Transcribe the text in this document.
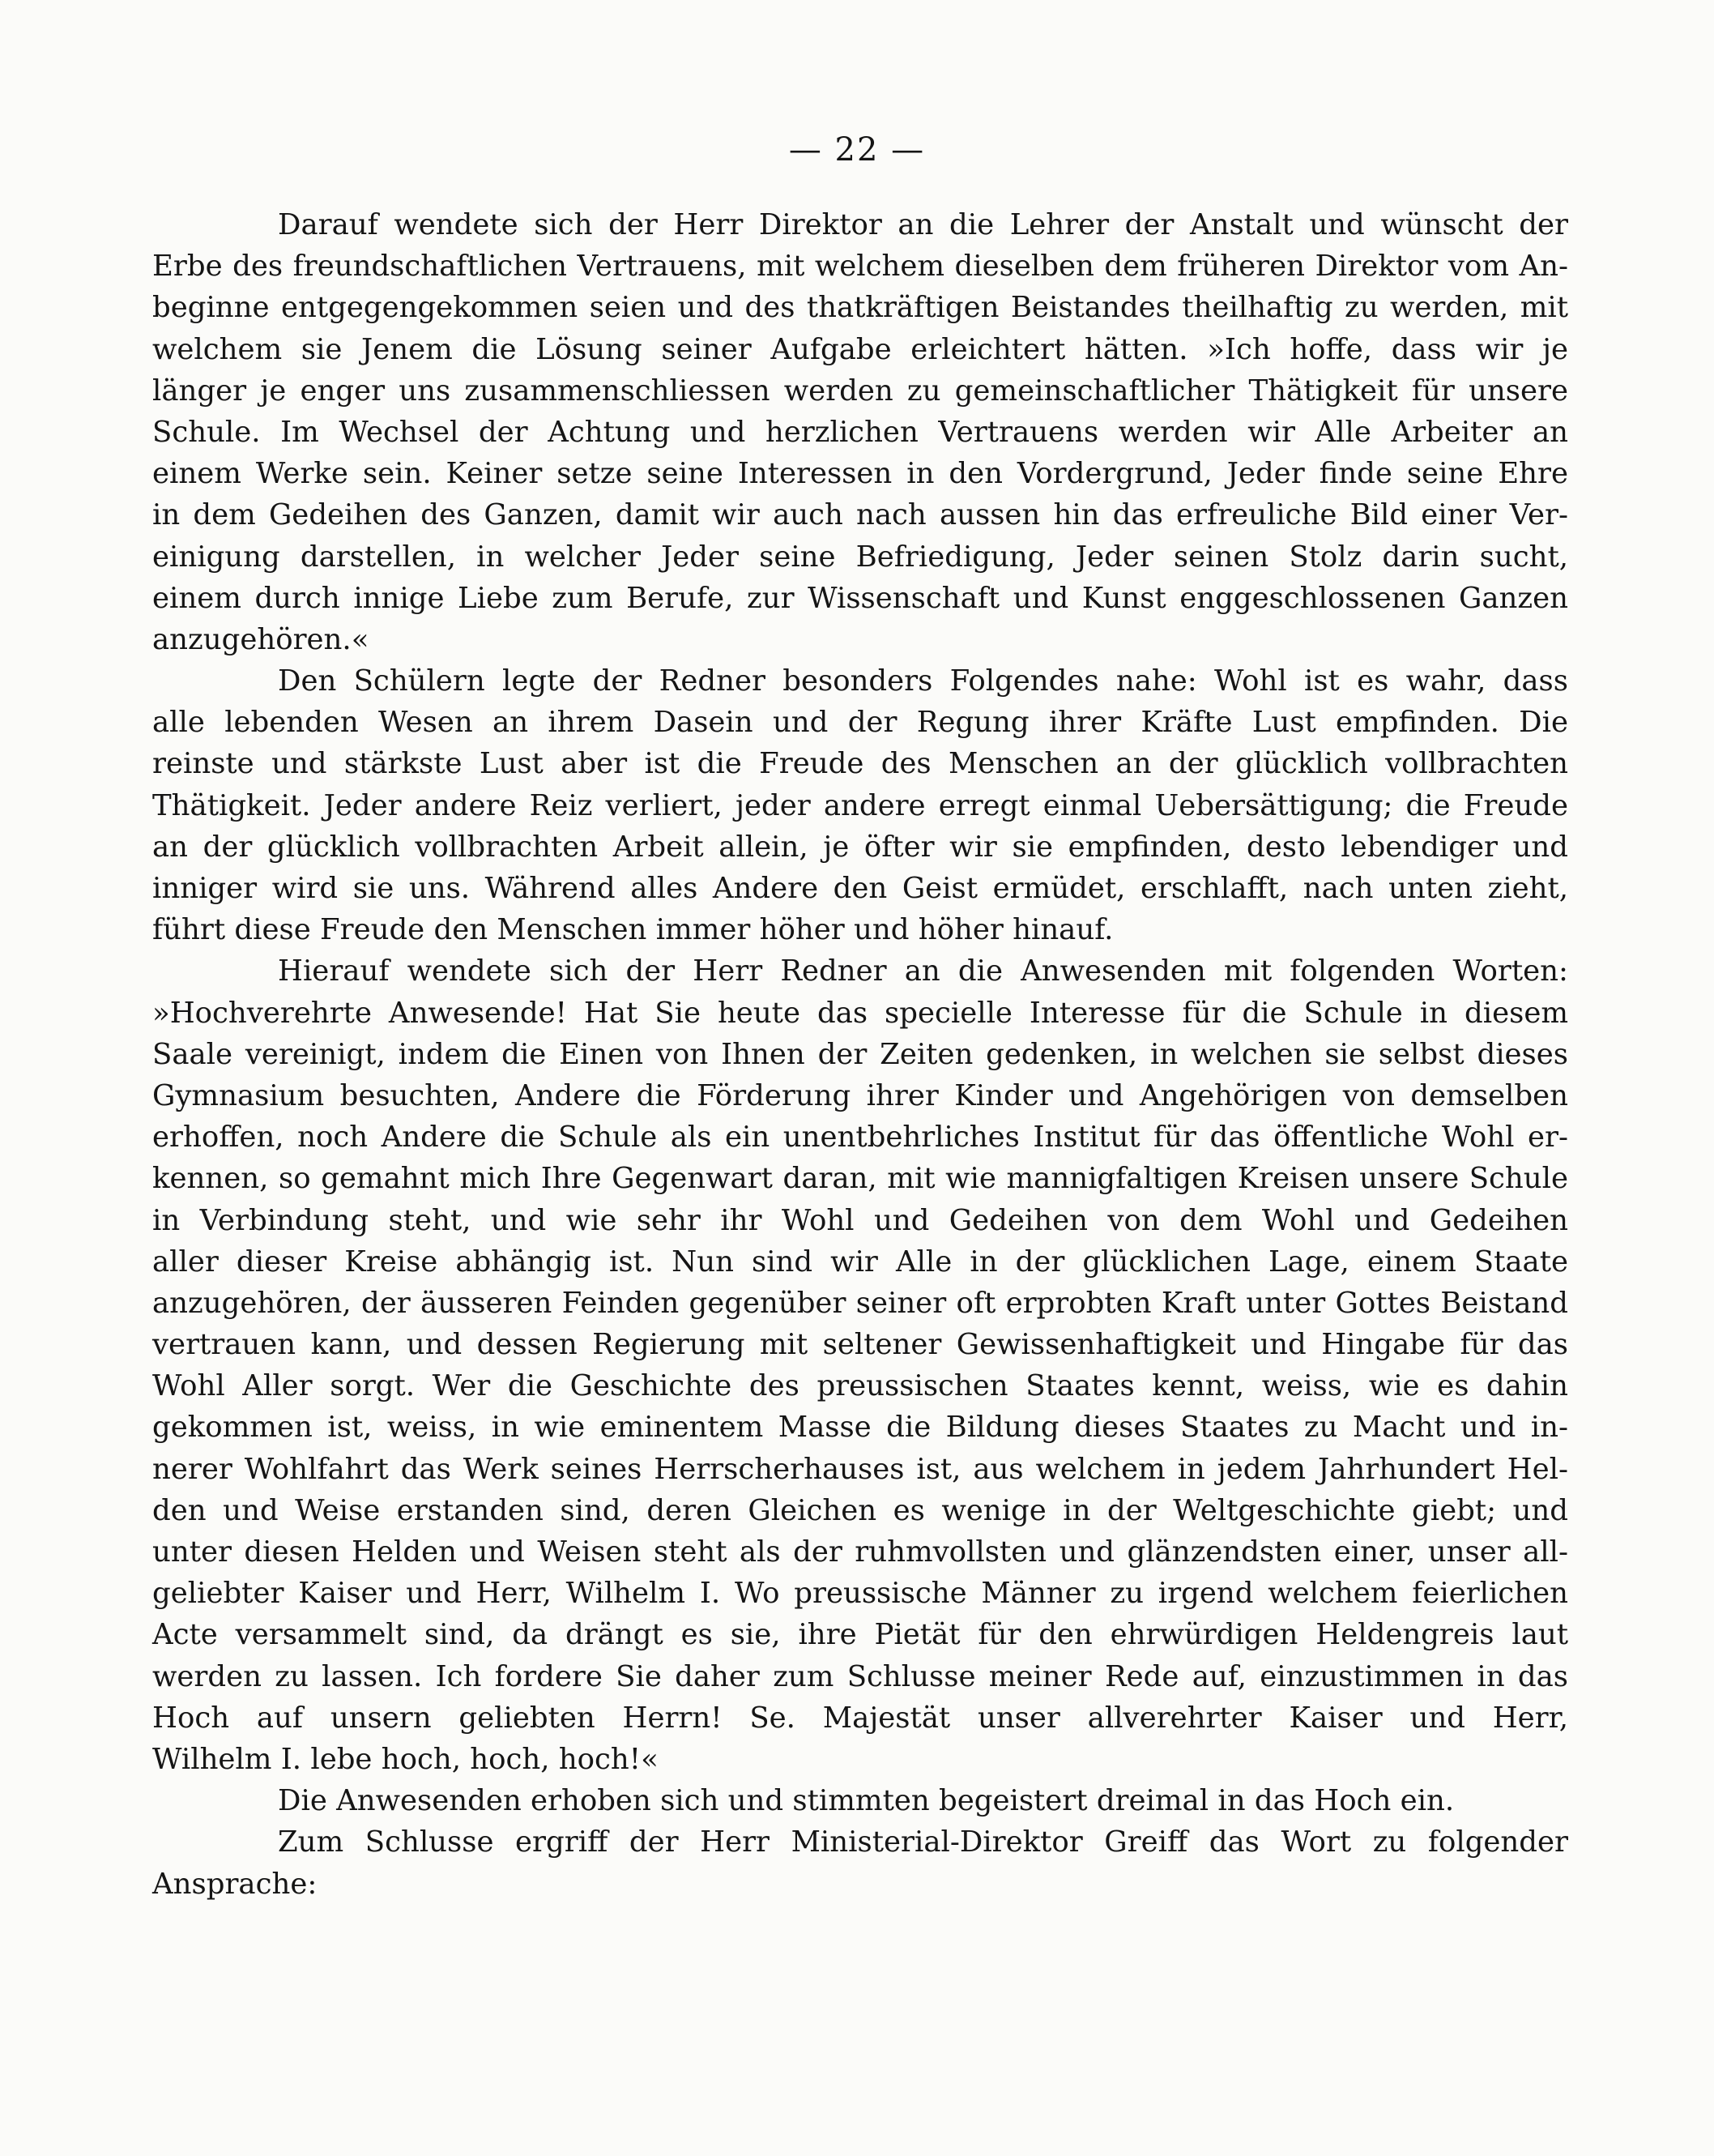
— 22 —
Darauf wendete sich der Herr Direktor an die Lehrer der Anstalt und wünscht der
Erbe des freundschaftlichen Vertrauens, mit welchem dieselben dem früheren Direktor vom An-
beginne entgegengekommen seien und des thatkräftigen Beistandes theilhaftig zu werden, mit
welchem sie Jenem die Lösung seiner Aufgabe erleichtert hätten. »Ich hoffe, dass wir je
länger je enger uns zusammenschliessen werden zu gemeinschaftlicher Thätigkeit für unsere
Schule. Im Wechsel der Achtung und herzlichen Vertrauens werden wir Alle Arbeiter an
einem Werke sein. Keiner setze seine Interessen in den Vordergrund, Jeder finde seine Ehre
in dem Gedeihen des Ganzen, damit wir auch nach aussen hin das erfreuliche Bild einer Ver-
einigung darstellen, in welcher Jeder seine Befriedigung, Jeder seinen Stolz darin sucht,
einem durch innige Liebe zum Berufe, zur Wissenschaft und Kunst enggeschlossenen Ganzen
anzugehören.«
Den Schülern legte der Redner besonders Folgendes nahe: Wohl ist es wahr, dass
alle lebenden Wesen an ihrem Dasein und der Regung ihrer Kräfte Lust empfinden. Die
reinste und stärkste Lust aber ist die Freude des Menschen an der glücklich vollbrachten
Thätigkeit. Jeder andere Reiz verliert, jeder andere erregt einmal Uebersättigung; die Freude
an der glücklich vollbrachten Arbeit allein, je öfter wir sie empfinden, desto lebendiger und
inniger wird sie uns. Während alles Andere den Geist ermüdet, erschlafft, nach unten zieht,
führt diese Freude den Menschen immer höher und höher hinauf.
Hierauf wendete sich der Herr Redner an die Anwesenden mit folgenden Worten:
»Hochverehrte Anwesende! Hat Sie heute das specielle Interesse für die Schule in diesem
Saale vereinigt, indem die Einen von Ihnen der Zeiten gedenken, in welchen sie selbst dieses
Gymnasium besuchten, Andere die Förderung ihrer Kinder und Angehörigen von demselben
erhoffen, noch Andere die Schule als ein unentbehrliches Institut für das öffentliche Wohl er-
kennen, so gemahnt mich Ihre Gegenwart daran, mit wie mannigfaltigen Kreisen unsere Schule
in Verbindung steht, und wie sehr ihr Wohl und Gedeihen von dem Wohl und Gedeihen
aller dieser Kreise abhängig ist. Nun sind wir Alle in der glücklichen Lage, einem Staate
anzugehören, der äusseren Feinden gegenüber seiner oft erprobten Kraft unter Gottes Beistand
vertrauen kann, und dessen Regierung mit seltener Gewissenhaftigkeit und Hingabe für das
Wohl Aller sorgt. Wer die Geschichte des preussischen Staates kennt, weiss, wie es dahin
gekommen ist, weiss, in wie eminentem Masse die Bildung dieses Staates zu Macht und in-
nerer Wohlfahrt das Werk seines Herrscherhauses ist, aus welchem in jedem Jahrhundert Hel-
den und Weise erstanden sind, deren Gleichen es wenige in der Weltgeschichte giebt; und
unter diesen Helden und Weisen steht als der ruhmvollsten und glänzendsten einer, unser all-
geliebter Kaiser und Herr, Wilhelm I. Wo preussische Männer zu irgend welchem feierlichen
Acte versammelt sind, da drängt es sie, ihre Pietät für den ehrwürdigen Heldengreis laut
werden zu lassen. Ich fordere Sie daher zum Schlusse meiner Rede auf, einzustimmen in das
Hoch auf unsern geliebten Herrn! Se. Majestät unser allverehrter Kaiser und Herr,
Wilhelm I. lebe hoch, hoch, hoch!«
Die Anwesenden erhoben sich und stimmten begeistert dreimal in das Hoch ein.
Zum Schlusse ergriff der Herr Ministerial-Direktor Greiff das Wort zu folgender
Ansprache:
